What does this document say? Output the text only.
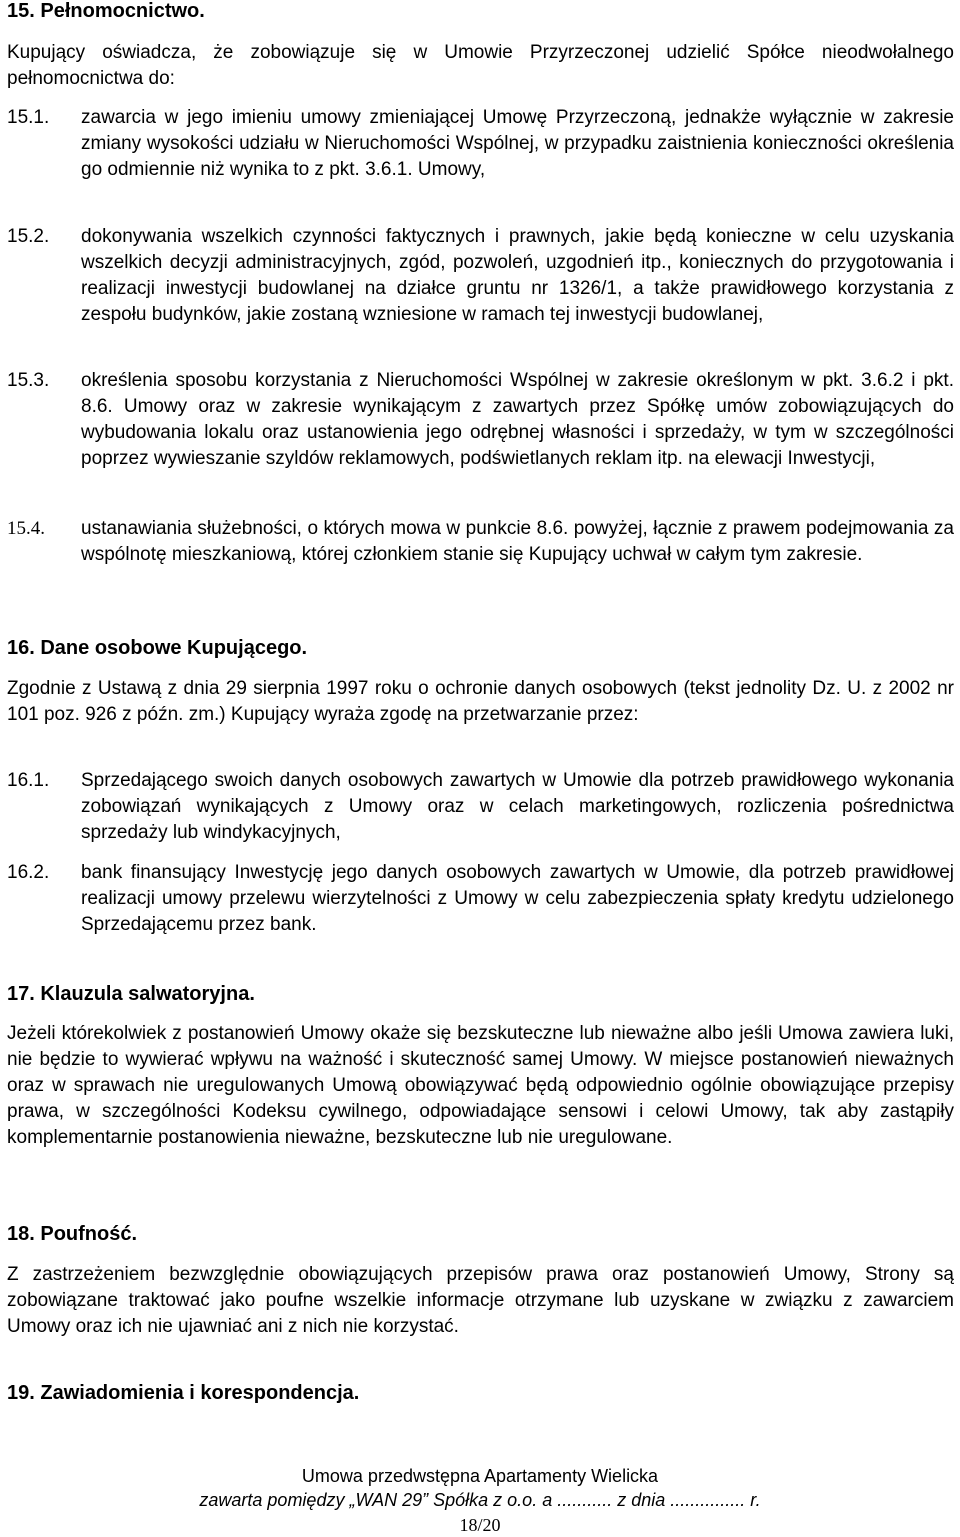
15. Pełnomocnictwo.

Kupujący oświadcza, że zobowiązuje się w Umowie Przyrzeczonej udzielić Spółce nieodwołalnego pełnomocnictwa do:

15.1. zawarcia w jego imieniu umowy zmieniającej Umowę Przyrzeczoną, jednakże wyłącznie w zakresie zmiany wysokości udziału w Nieruchomości Wspólnej, w przypadku zaistnienia konieczności określenia go odmiennie niż wynika to z pkt. 3.6.1. Umowy,

15.2. dokonywania wszelkich czynności faktycznych i prawnych, jakie będą konieczne w celu uzyskania wszelkich decyzji administracyjnych, zgód, pozwoleń, uzgodnień itp., koniecznych do przygotowania i realizacji inwestycji budowlanej na działce gruntu nr 1326/1, a także prawidłowego korzystania z zespołu budynków, jakie zostaną wzniesione w ramach tej inwestycji budowlanej,

15.3. określenia sposobu korzystania z Nieruchomości Wspólnej w zakresie określonym w pkt. 3.6.2 i pkt. 8.6. Umowy oraz w zakresie wynikającym z zawartych przez Spółkę umów zobowiązujących do wybudowania lokalu oraz ustanowienia jego odrębnej własności i sprzedaży, w tym w szczególności poprzez wywieszanie szyldów reklamowych, podświetlanych reklam itp. na elewacji Inwestycji,

15.4. ustanawiania służebności, o których mowa w punkcie 8.6. powyżej, łącznie z prawem podejmowania za wspólnotę mieszkaniową, której członkiem stanie się Kupujący uchwał w całym tym zakresie.

16. Dane osobowe Kupującego.

Zgodnie z Ustawą z dnia 29 sierpnia 1997 roku o ochronie danych osobowych (tekst jednolity Dz. U. z 2002 nr 101 poz. 926 z późn. zm.) Kupujący wyraża zgodę na przetwarzanie przez:

16.1. Sprzedającego swoich danych osobowych zawartych w Umowie dla potrzeb prawidłowego wykonania zobowiązań wynikających z Umowy oraz w celach marketingowych, rozliczenia pośrednictwa sprzedaży lub windykacyjnych,

16.2. bank finansujący Inwestycję jego danych osobowych zawartych w Umowie, dla potrzeb prawidłowej realizacji umowy przelewu wierzytelności z Umowy w celu zabezpieczenia spłaty kredytu udzielonego Sprzedającemu przez bank.

17. Klauzula salwatoryjna.

Jeżeli którekolwiek z postanowień Umowy okaże się bezskuteczne lub nieważne albo jeśli Umowa zawiera luki, nie będzie to wywierać wpływu na ważność i skuteczność samej Umowy. W miejsce postanowień nieważnych oraz w sprawach nie uregulowanych Umową obowiązywać będą odpowiednio ogólnie obowiązujące przepisy prawa, w szczególności Kodeksu cywilnego, odpowiadające sensowi i celowi Umowy, tak aby zastąpiły komplementarnie postanowienia nieważne, bezskuteczne lub nie uregulowane.

18. Poufność.

Z zastrzeżeniem bezwzględnie obowiązujących przepisów prawa oraz postanowień Umowy, Strony są zobowiązane traktować jako poufne wszelkie informacje otrzymane lub uzyskane w związku z zawarciem Umowy oraz ich nie ujawniać ani z nich nie korzystać.

19. Zawiadomienia i korespondencja.
Umowa przedwstępna Apartamenty Wielicka
zawarta pomiędzy „WAN 29” Spółka z o.o. a ........... z dnia ............... r.
18/20
